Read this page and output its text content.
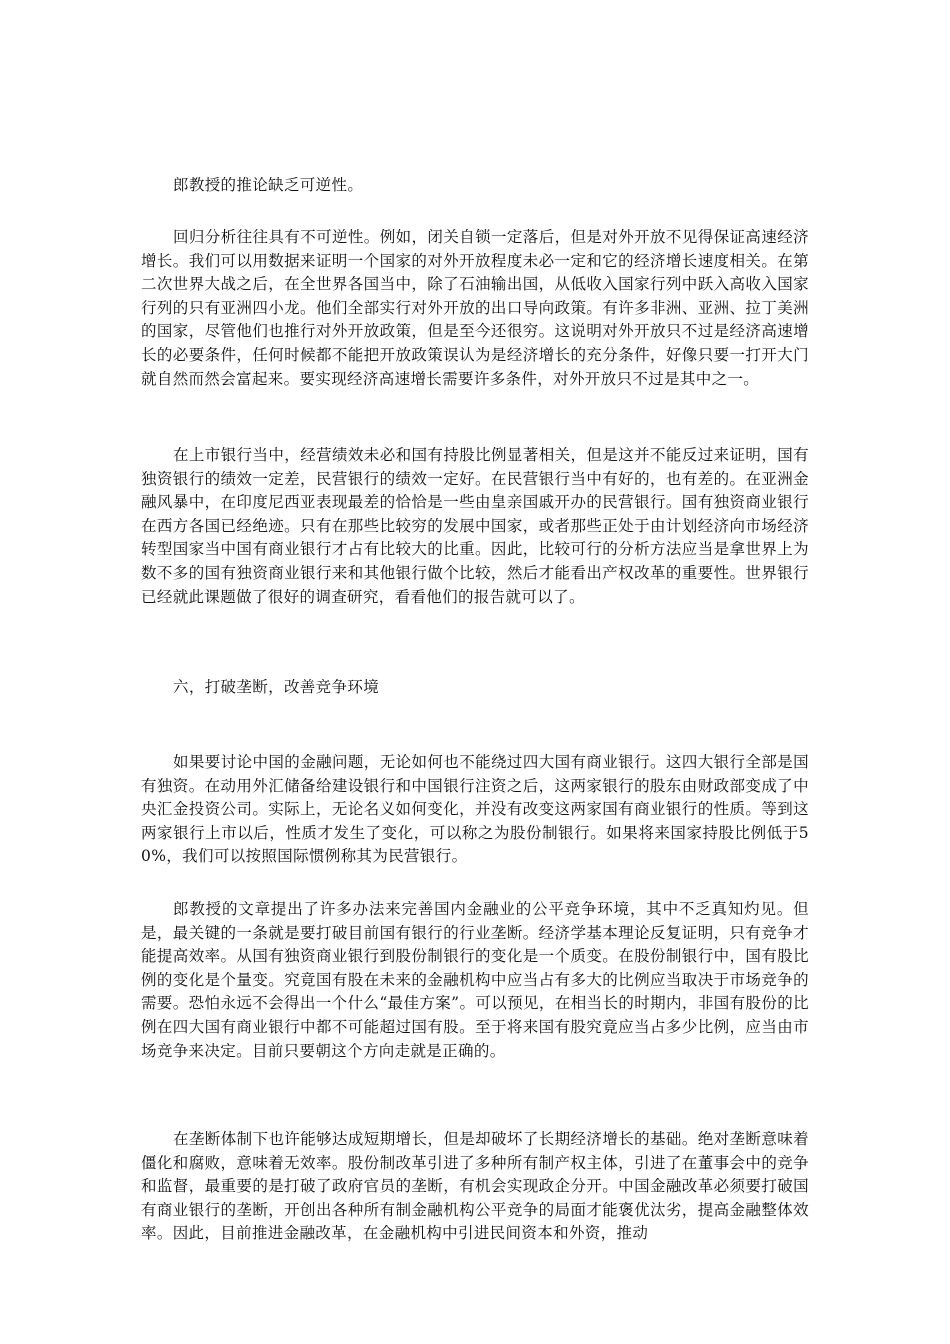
郎教授的推论缺乏可逆性。

回归分析往往具有不可逆性。例如，闭关自锁一定落后，但是对外开放不见得保证高速经济增长。我们可以用数据来证明一个国家的对外开放程度未必一定和它的经济增长速度相关。在第二次世界大战之后，在全世界各国当中，除了石油输出国，从低收入国家行列中跃入高收入国家行列的只有亚洲四小龙。他们全部实行对外开放的出口导向政策。有许多非洲、亚洲、拉丁美洲的国家，尽管他们也推行对外开放政策，但是至今还很穷。这说明对外开放只不过是经济高速增长的必要条件，任何时候都不能把开放政策误认为是经济增长的充分条件，好像只要一打开大门就自然而然会富起来。要实现经济高速增长需要许多条件，对外开放只不过是其中之一。

在上市银行当中，经营绩效未必和国有持股比例显著相关，但是这并不能反过来证明，国有独资银行的绩效一定差，民营银行的绩效一定好。在民营银行当中有好的，也有差的。在亚洲金融风暴中，在印度尼西亚表现最差的恰恰是一些由皇亲国戚开办的民营银行。国有独资商业银行在西方各国已经绝迹。只有在那些比较穷的发展中国家，或者那些正处于由计划经济向市场经济转型国家当中国有商业银行才占有比较大的比重。因此，比较可行的分析方法应当是拿世界上为数不多的国有独资商业银行来和其他银行做个比较，然后才能看出产权改革的重要性。世界银行已经就此课题做了很好的调查研究，看看他们的报告就可以了。

六，打破垄断，改善竞争环境

如果要讨论中国的金融问题，无论如何也不能绕过四大国有商业银行。这四大银行全部是国有独资。在动用外汇储备给建设银行和中国银行注资之后，这两家银行的股东由财政部变成了中央汇金投资公司。实际上，无论名义如何变化，并没有改变这两家国有商业银行的性质。等到这两家银行上市以后，性质才发生了变化，可以称之为股份制银行。如果将来国家持股比例低于50%，我们可以按照国际惯例称其为民营银行。

郎教授的文章提出了许多办法来完善国内金融业的公平竞争环境，其中不乏真知灼见。但是，最关键的一条就是要打破目前国有银行的行业垄断。经济学基本理论反复证明，只有竞争才能提高效率。从国有独资商业银行到股份制银行的变化是一个质变。在股份制银行中，国有股比例的变化是个量变。究竟国有股在未来的金融机构中应当占有多大的比例应当取决于市场竞争的需要。恐怕永远不会得出一个什么“最佳方案”。可以预见，在相当长的时期内，非国有股份的比例在四大国有商业银行中都不可能超过国有股。至于将来国有股究竟应当占多少比例，应当由市场竞争来决定。目前只要朝这个方向走就是正确的。

在垄断体制下也许能够达成短期增长，但是却破坏了长期经济增长的基础。绝对垄断意味着僵化和腐败，意味着无效率。股份制改革引进了多种所有制产权主体，引进了在董事会中的竞争和监督，最重要的是打破了政府官员的垄断，有机会实现政企分开。中国金融改革必须要打破国有商业银行的垄断，开创出各种所有制金融机构公平竞争的局面才能褒优汰劣，提高金融整体效率。因此，目前推进金融改革，在金融机构中引进民间资本和外资，推动
